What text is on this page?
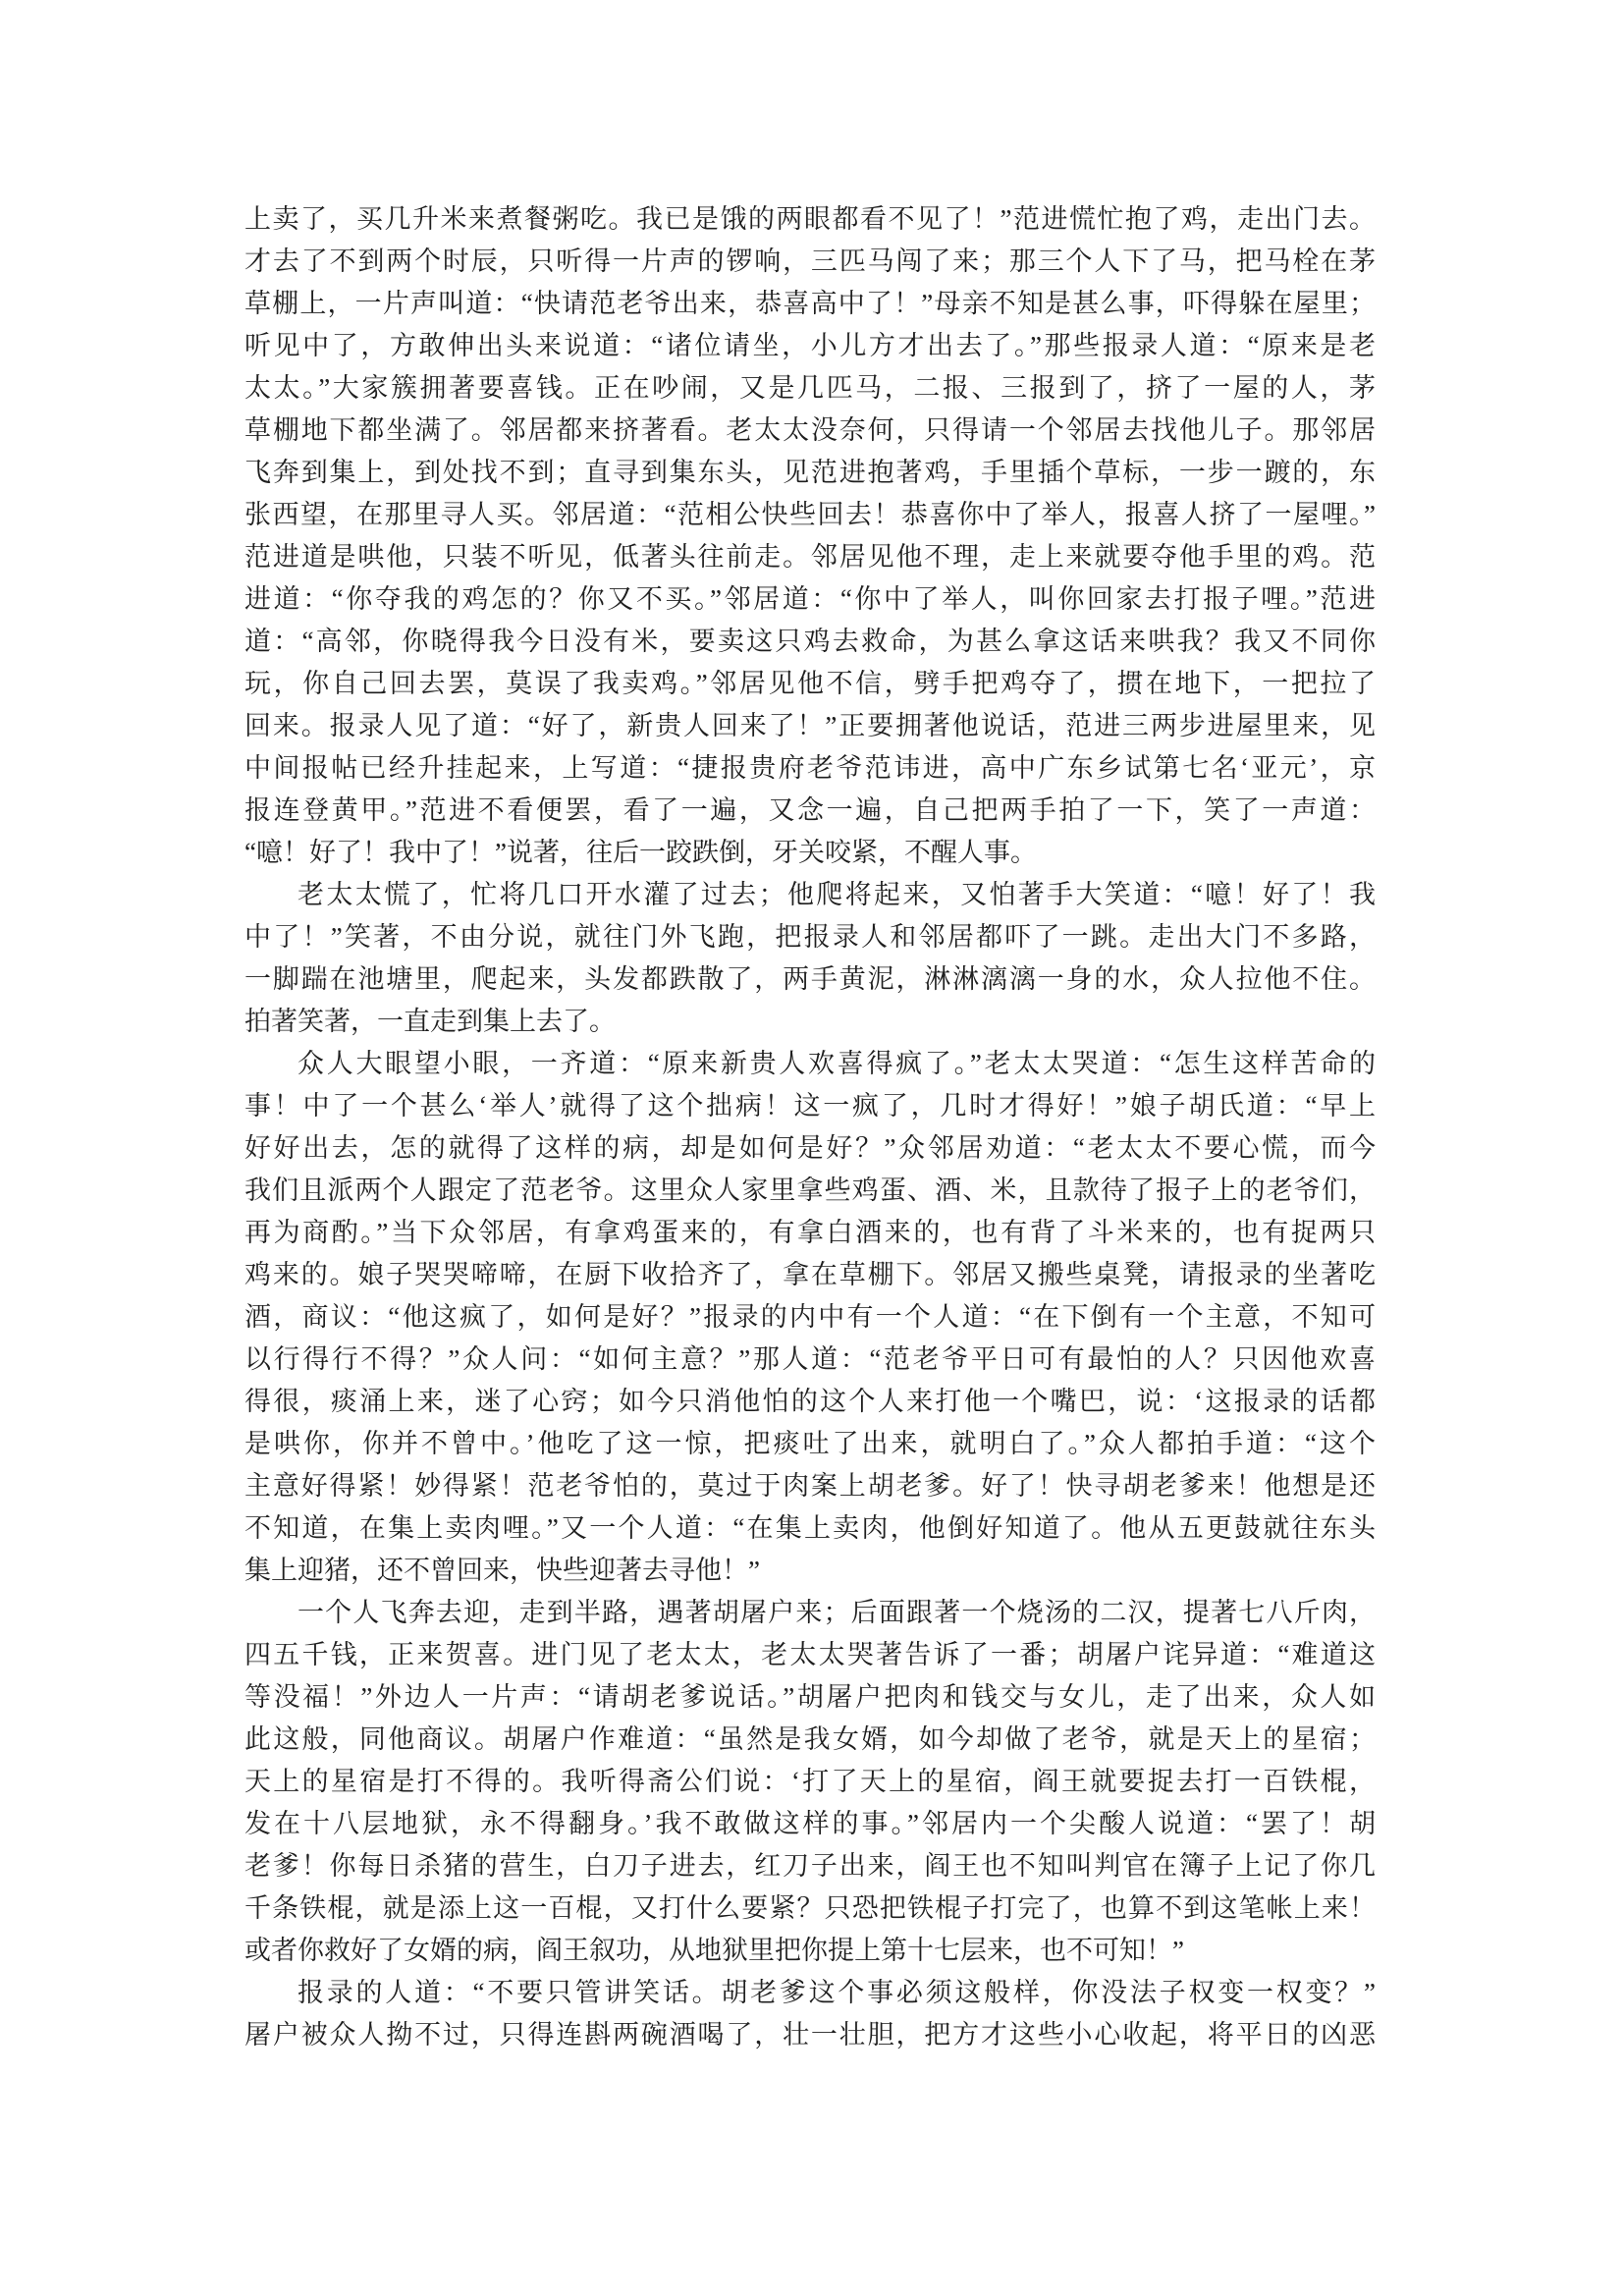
上卖了，买几升米来煮餐粥吃。我已是饿的两眼都看不见了！”范进慌忙抱了鸡，走出门去。
才去了不到两个时辰，只听得一片声的锣响，三匹马闯了来；那三个人下了马，把马栓在茅
草棚上，一片声叫道：“快请范老爷出来，恭喜高中了！”母亲不知是甚么事，吓得躲在屋里；
听见中了，方敢伸出头来说道：“诸位请坐，小儿方才出去了。”那些报录人道：“原来是老
太太。”大家簇拥著要喜钱。正在吵闹，又是几匹马，二报、三报到了，挤了一屋的人，茅
草棚地下都坐满了。邻居都来挤著看。老太太没奈何，只得请一个邻居去找他儿子。那邻居
飞奔到集上，到处找不到；直寻到集东头，见范进抱著鸡，手里插个草标，一步一踱的，东
张西望，在那里寻人买。邻居道：“范相公快些回去！恭喜你中了举人，报喜人挤了一屋哩。”
范进道是哄他，只装不听见，低著头往前走。邻居见他不理，走上来就要夺他手里的鸡。范
进道：“你夺我的鸡怎的？你又不买。”邻居道：“你中了举人，叫你回家去打报子哩。”范进
道：“高邻，你晓得我今日没有米，要卖这只鸡去救命，为甚么拿这话来哄我？我又不同你
玩，你自己回去罢，莫误了我卖鸡。”邻居见他不信，劈手把鸡夺了，掼在地下，一把拉了
回来。报录人见了道：“好了，新贵人回来了！”正要拥著他说话，范进三两步进屋里来，见
中间报帖已经升挂起来，上写道：“捷报贵府老爷范讳进，高中广东乡试第七名‘亚元’，京
报连登黄甲。”范进不看便罢，看了一遍，又念一遍，自己把两手拍了一下，笑了一声道：
“噫！好了！我中了！”说著，往后一跤跌倒，牙关咬紧，不醒人事。
老太太慌了，忙将几口开水灌了过去；他爬将起来，又怕著手大笑道：“噫！好了！我
中了！”笑著，不由分说，就往门外飞跑，把报录人和邻居都吓了一跳。走出大门不多路，
一脚踹在池塘里，爬起来，头发都跌散了，两手黄泥，淋淋漓漓一身的水，众人拉他不住。
拍著笑著，一直走到集上去了。
众人大眼望小眼，一齐道：“原来新贵人欢喜得疯了。”老太太哭道：“怎生这样苦命的
事！中了一个甚么‘举人’就得了这个拙病！这一疯了，几时才得好！”娘子胡氏道：“早上
好好出去，怎的就得了这样的病，却是如何是好？”众邻居劝道：“老太太不要心慌，而今
我们且派两个人跟定了范老爷。这里众人家里拿些鸡蛋、酒、米，且款待了报子上的老爷们，
再为商酌。”当下众邻居，有拿鸡蛋来的，有拿白酒来的，也有背了斗米来的，也有捉两只
鸡来的。娘子哭哭啼啼，在厨下收拾齐了，拿在草棚下。邻居又搬些桌凳，请报录的坐著吃
酒，商议：“他这疯了，如何是好？”报录的内中有一个人道：“在下倒有一个主意，不知可
以行得行不得？”众人问：“如何主意？”那人道：“范老爷平日可有最怕的人？只因他欢喜
得很，痰涌上来，迷了心窍；如今只消他怕的这个人来打他一个嘴巴，说：‘这报录的话都
是哄你，你并不曾中。’他吃了这一惊，把痰吐了出来，就明白了。”众人都拍手道：“这个
主意好得紧！妙得紧！范老爷怕的，莫过于肉案上胡老爹。好了！快寻胡老爹来！他想是还
不知道，在集上卖肉哩。”又一个人道：“在集上卖肉，他倒好知道了。他从五更鼓就往东头
集上迎猪，还不曾回来，快些迎著去寻他！”
一个人飞奔去迎，走到半路，遇著胡屠户来；后面跟著一个烧汤的二汉，提著七八斤肉，
四五千钱，正来贺喜。进门见了老太太，老太太哭著告诉了一番；胡屠户诧异道：“难道这
等没福！”外边人一片声：“请胡老爹说话。”胡屠户把肉和钱交与女儿，走了出来，众人如
此这般，同他商议。胡屠户作难道：“虽然是我女婿，如今却做了老爷，就是天上的星宿；
天上的星宿是打不得的。我听得斋公们说：‘打了天上的星宿，阎王就要捉去打一百铁棍，
发在十八层地狱，永不得翻身。’我不敢做这样的事。”邻居内一个尖酸人说道：“罢了！胡
老爹！你每日杀猪的营生，白刀子进去，红刀子出来，阎王也不知叫判官在簿子上记了你几
千条铁棍，就是添上这一百棍，又打什么要紧？只恐把铁棍子打完了，也算不到这笔帐上来！
或者你救好了女婿的病，阎王叙功，从地狱里把你提上第十七层来，也不可知！”
报录的人道：“不要只管讲笑话。胡老爹这个事必须这般样，你没法子权变一权变？”
屠户被众人拗不过，只得连斟两碗酒喝了，壮一壮胆，把方才这些小心收起，将平日的凶恶
